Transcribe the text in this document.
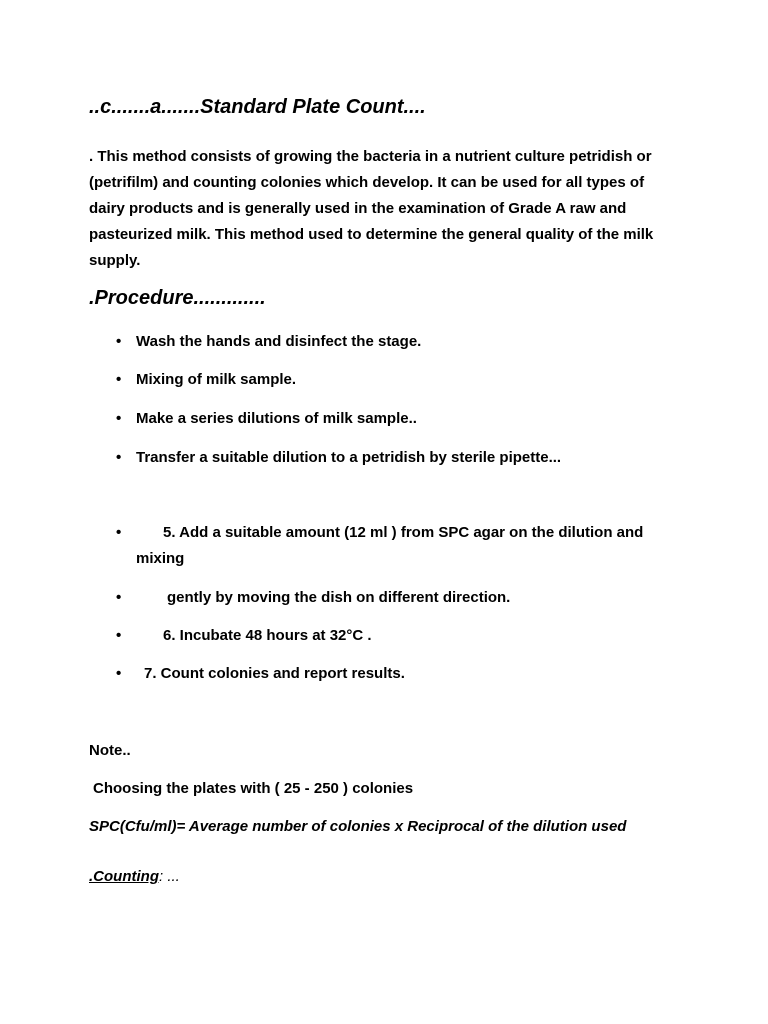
..c.......a.......Standard Plate Count....
. This method consists of growing the bacteria in a nutrient culture petridish or
(petrifilm) and counting colonies which develop. It can be used for all types of
dairy products and is generally used in the examination of Grade A raw and
pasteurized milk. This method used to determine the general quality of the milk
supply.
.Procedure.............
• Wash the hands and disinfect the stage.
• Mixing of milk sample.
• Make a series dilutions of milk sample..
• Transfer a suitable dilution to a petridish by sterile pipette...
•	5. Add a suitable amount (12 ml ) from SPC agar on the dilution and
mixing
•	gently by moving the dish on different direction.
•	6. Incubate 48 hours at 32°C .
• 7. Count colonies and report results.
Note..
Choosing the plates with ( 25 - 250 ) colonies
SPC(Cfu/ml)= Average number of colonies x Reciprocal of the dilution used
.Counting: ...
